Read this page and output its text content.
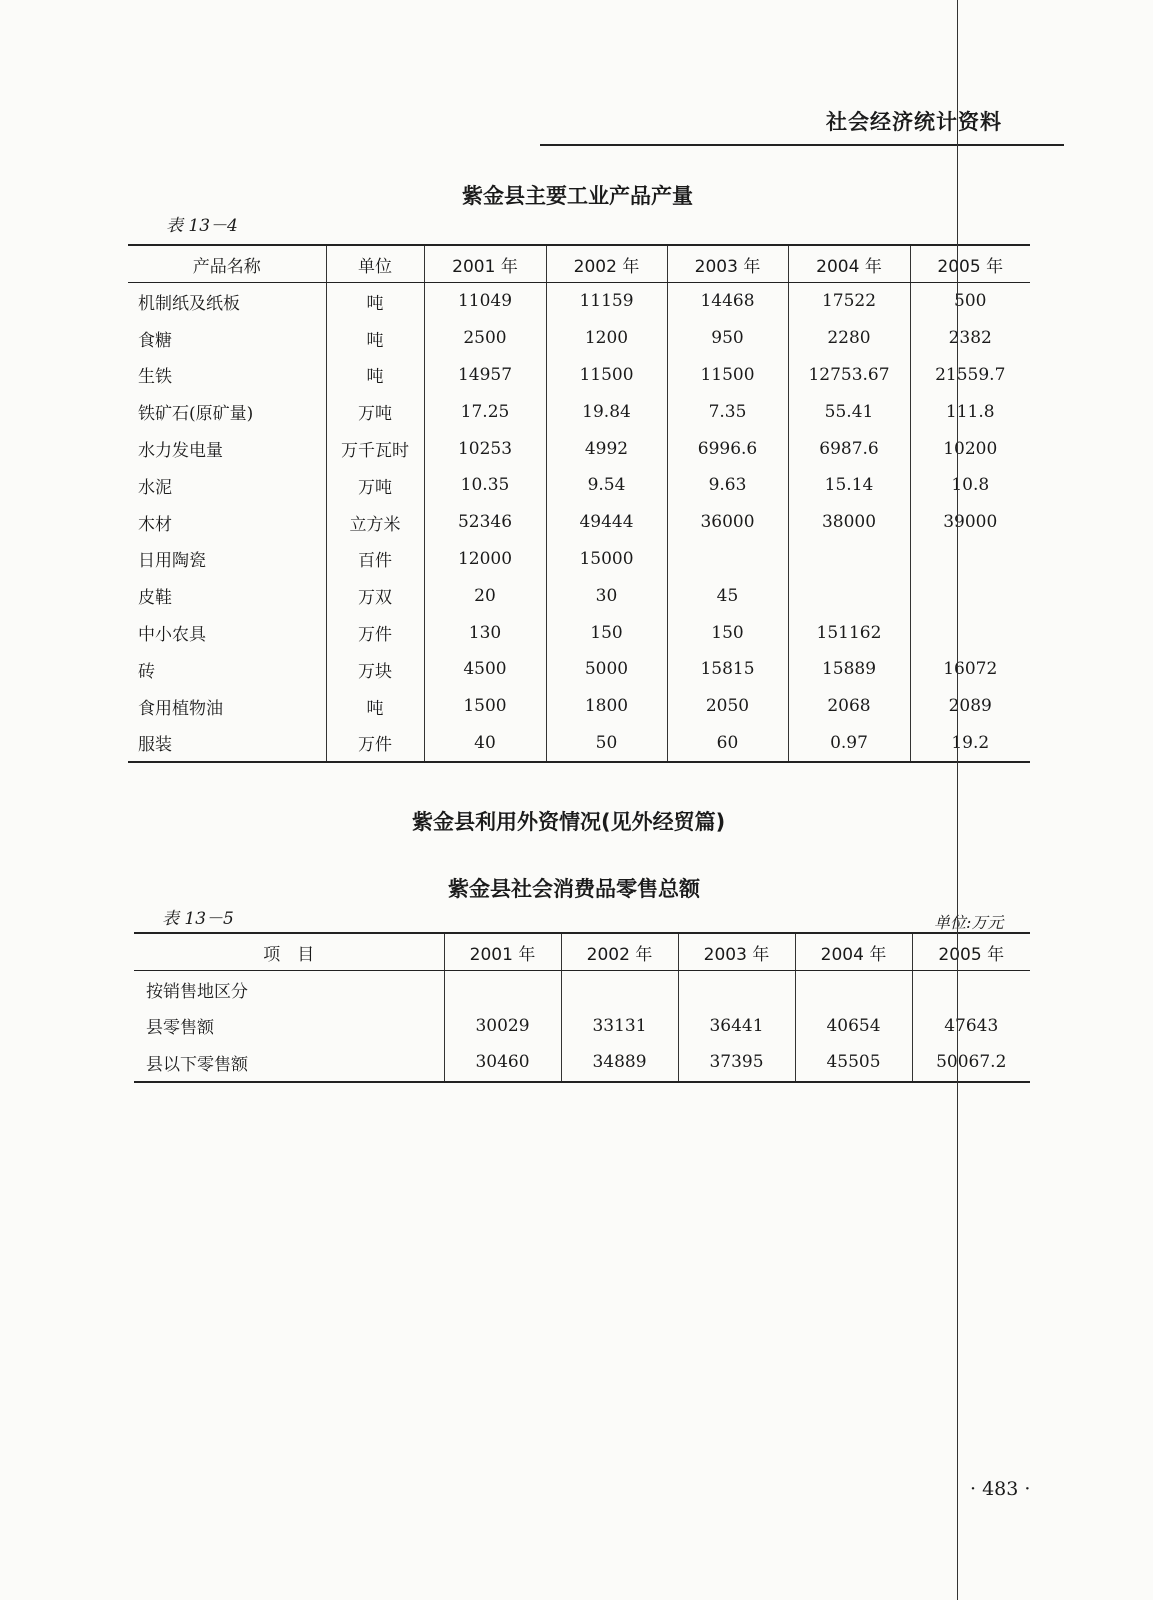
社会经济统计资料
紫金县主要工业产品产量
表 13－4
产品名称	单位	2001 年	2002 年	2003 年	2004 年	2005 年
机制纸及纸板	吨	11049	11159	14468	17522	500
食糖	吨	2500	1200	950	2280	2382
生铁	吨	14957	11500	11500	12753.67	21559.7
铁矿石(原矿量)	万吨	17.25	19.84	7.35	55.41	111.8
水力发电量	万千瓦时	10253	4992	6996.6	6987.6	10200
水泥	万吨	10.35	9.54	9.63	15.14	10.8
木材	立方米	52346	49444	36000	38000	39000
日用陶瓷	百件	12000	15000			
皮鞋	万双	20	30	45		
中小农具	万件	130	150	150	151162	
砖	万块	4500	5000	15815	15889	16072
食用植物油	吨	1500	1800	2050	2068	2089
服装	万件	40	50	60	0.97	19.2
紫金县利用外资情况(见外经贸篇)
紫金县社会消费品零售总额
表 13－5	单位:万元
项　目	2001 年	2002 年	2003 年	2004 年	2005 年
按销售地区分					
县零售额	30029	33131	36441	40654	47643
县以下零售额	30460	34889	37395	45505	50067.2
· 483 ·
